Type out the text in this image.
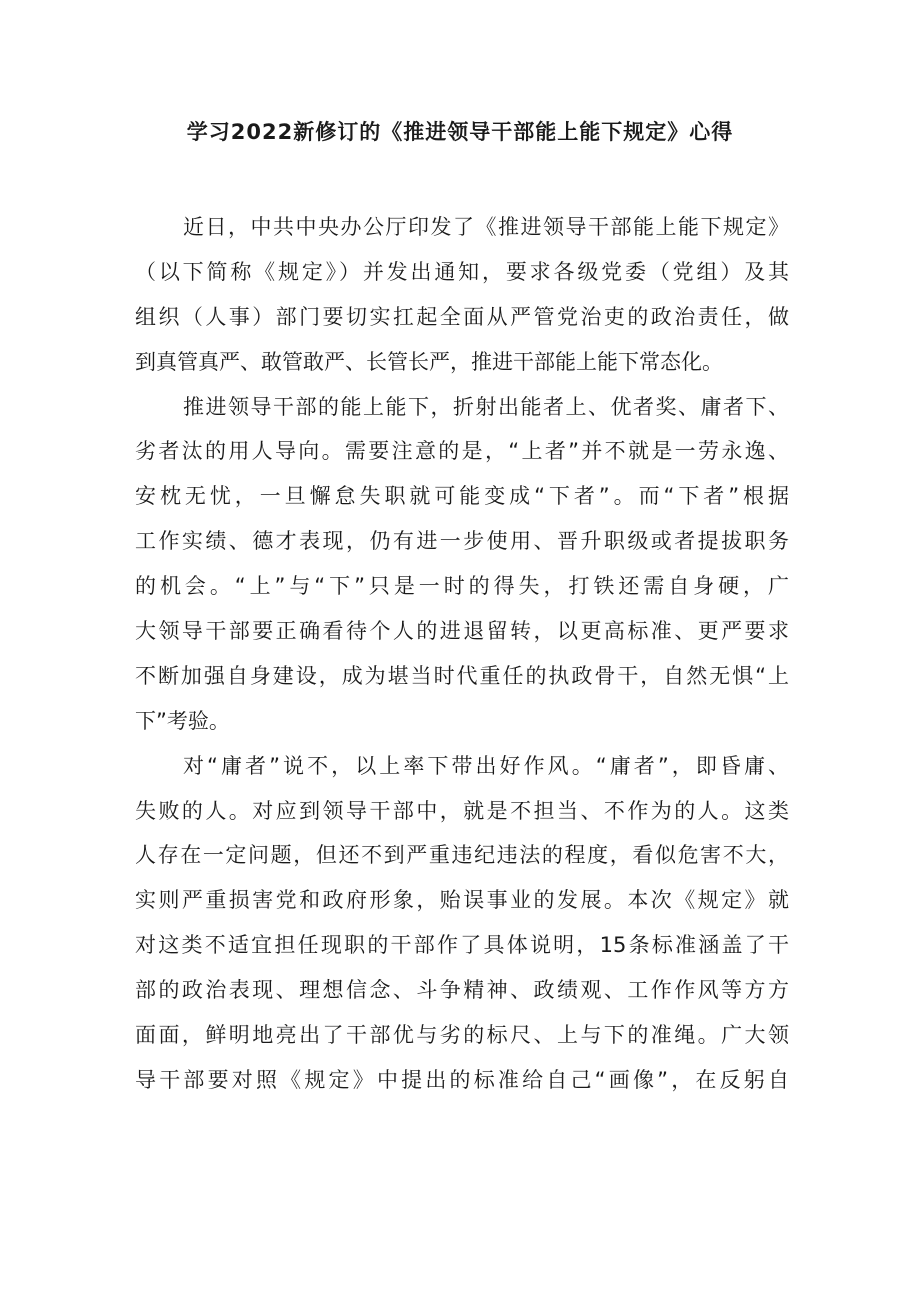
学习2022新修订的《推进领导干部能上能下规定》心得
近日，中共中央办公厅印发了《推进领导干部能上能下规定》
（以下简称《规定》）并发出通知，要求各级党委（党组）及其
组织（人事）部门要切实扛起全面从严管党治吏的政治责任，做
到真管真严、敢管敢严、长管长严，推进干部能上能下常态化。
推进领导干部的能上能下，折射出能者上、优者奖、庸者下、
劣者汰的用人导向。需要注意的是，“上者”并不就是一劳永逸、
安枕无忧，一旦懈怠失职就可能变成“下者”。而“下者”根据
工作实绩、德才表现，仍有进一步使用、晋升职级或者提拔职务
的机会。“上”与“下”只是一时的得失，打铁还需自身硬，广
大领导干部要正确看待个人的进退留转，以更高标准、更严要求
不断加强自身建设，成为堪当时代重任的执政骨干，自然无惧“上
下”考验。
对“庸者”说不，以上率下带出好作风。“庸者”，即昏庸、
失败的人。对应到领导干部中，就是不担当、不作为的人。这类
人存在一定问题，但还不到严重违纪违法的程度，看似危害不大，
实则严重损害党和政府形象，贻误事业的发展。本次《规定》就
对这类不适宜担任现职的干部作了具体说明，15条标准涵盖了干
部的政治表现、理想信念、斗争精神、政绩观、工作作风等方方
面面，鲜明地亮出了干部优与劣的标尺、上与下的准绳。广大领
导干部要对照《规定》中提出的标准给自己“画像”，在反躬自
